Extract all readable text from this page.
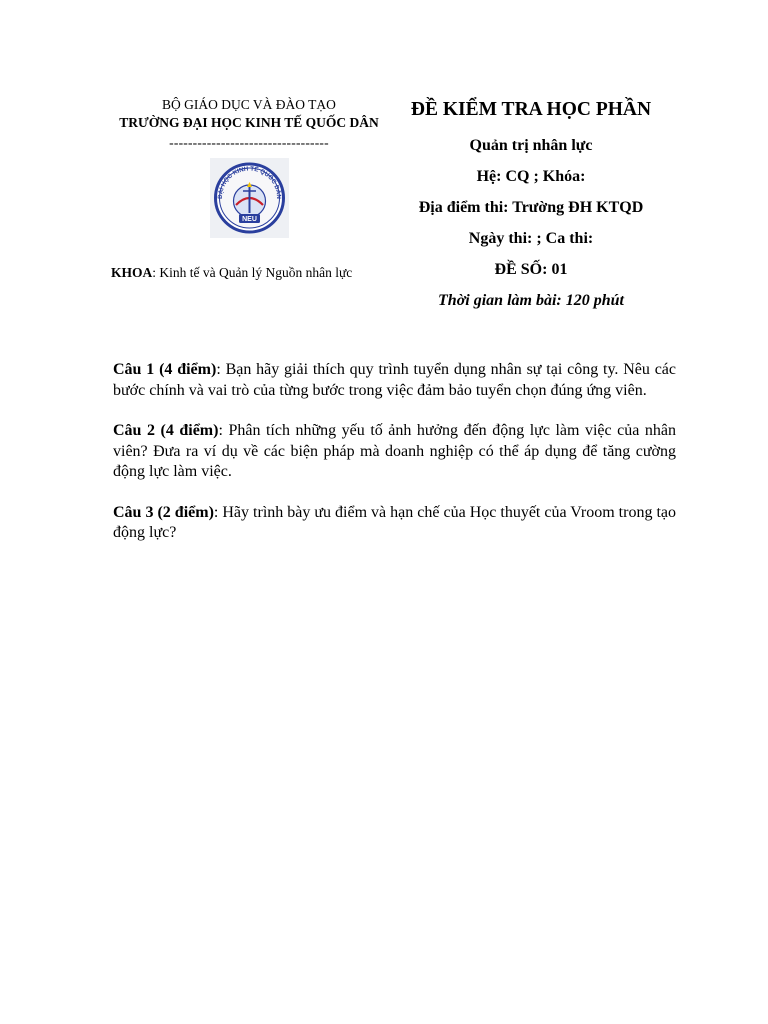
BỘ GIÁO DỤC VÀ ĐÀO TẠO
TRƯỜNG ĐẠI HỌC KINH TẾ QUỐC DÂN
----------------------------------
ĐẠI HỌC KINH TẾ QUỐC DÂN
NEU
KHOA: Kinh tế và Quản lý Nguồn nhân lực
ĐỀ KIỂM TRA HỌC PHẦN
Quản trị nhân lực
Hệ: CQ ; Khóa:
Địa điểm thi: Trường ĐH KTQD
Ngày thi: ; Ca thi:
ĐỀ SỐ: 01
Thời gian làm bài: 120 phút

Câu 1 (4 điểm): Bạn hãy giải thích quy trình tuyển dụng nhân sự tại công ty. Nêu các bước chính và vai trò của từng bước trong việc đảm bảo tuyển chọn đúng ứng viên.

Câu 2 (4 điểm): Phân tích những yếu tố ảnh hưởng đến động lực làm việc của nhân viên? Đưa ra ví dụ về các biện pháp mà doanh nghiệp có thể áp dụng để tăng cường động lực làm việc.

Câu 3 (2 điểm): Hãy trình bày ưu điểm và hạn chế của Học thuyết của Vroom trong tạo động lực?
